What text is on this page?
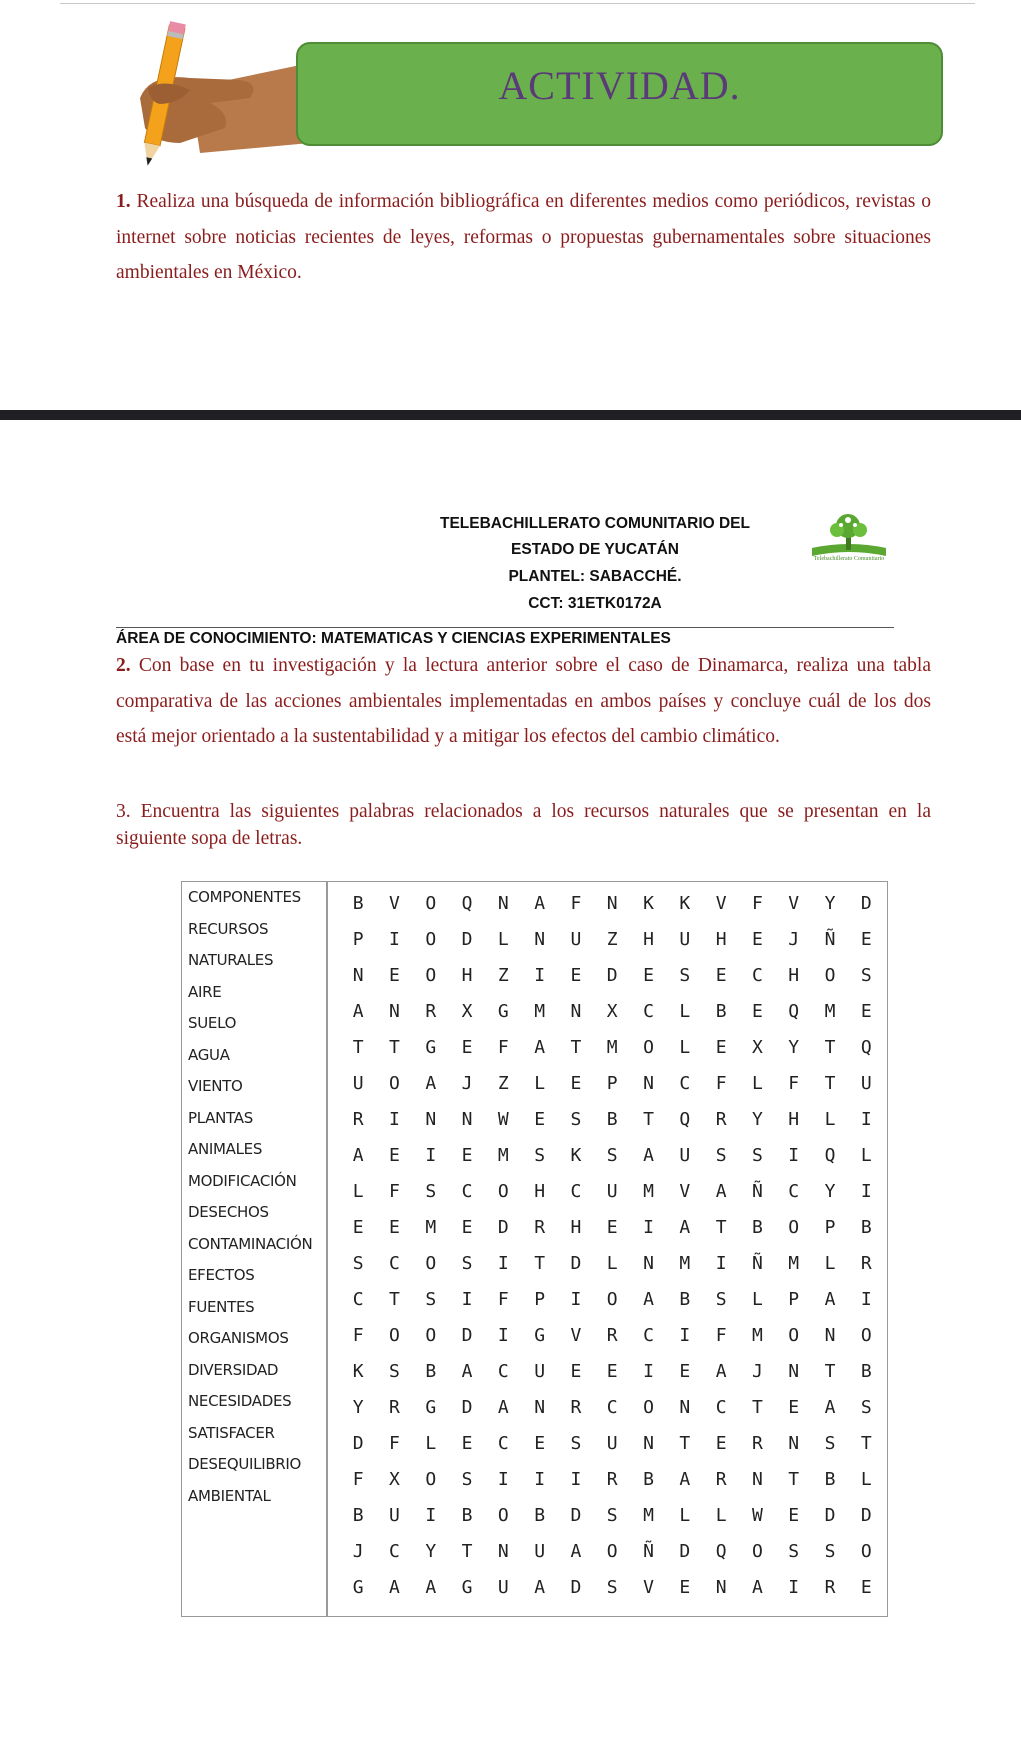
ACTIVIDAD.
1. Realiza una búsqueda de información bibliográfica en diferentes medios como periódicos, revistas o internet sobre noticias recientes de leyes, reformas o propuestas gubernamentales sobre situaciones ambientales en México.
TELEBACHILLERATO COMUNITARIO DEL
ESTADO DE YUCATÁN
PLANTEL: SABACCHÉ.
CCT: 31ETK0172A
Telebachillerato Comunitario
ÁREA DE CONOCIMIENTO: MATEMATICAS Y CIENCIAS EXPERIMENTALES
2. Con base en tu investigación y la lectura anterior sobre el caso de Dinamarca, realiza una tabla comparativa de las acciones ambientales implementadas en ambos países y concluye cuál de los dos está mejor orientado a la sustentabilidad y a mitigar los efectos del cambio climático.
3. Encuentra las siguientes palabras relacionados a los recursos naturales que se presentan en la siguiente sopa de letras.
COMPONENTES
RECURSOS
NATURALES
AIRE
SUELO
AGUA
VIENTO
PLANTAS
ANIMALES
MODIFICACIÓN
DESECHOS
CONTAMINACIÓN
EFECTOS
FUENTES
ORGANISMOS
DIVERSIDAD
NECESIDADES
SATISFACER
DESEQUILIBRIO
AMBIENTAL
B	V	O	Q	N	A	F	N	K	K	V	F	V	Y	D
P	I	O	D	L	N	U	Z	H	U	H	E	J	Ñ	E
N	E	O	H	Z	I	E	D	E	S	E	C	H	O	S
A	N	R	X	G	M	N	X	C	L	B	E	Q	M	E
T	T	G	E	F	A	T	M	O	L	E	X	Y	T	Q
U	O	A	J	Z	L	E	P	N	C	F	L	F	T	U
R	I	N	N	W	E	S	B	T	Q	R	Y	H	L	I
A	E	I	E	M	S	K	S	A	U	S	S	I	Q	L
L	F	S	C	O	H	C	U	M	V	A	Ñ	C	Y	I
E	E	M	E	D	R	H	E	I	A	T	B	O	P	B
S	C	O	S	I	T	D	L	N	M	I	Ñ	M	L	R
C	T	S	I	F	P	I	O	A	B	S	L	P	A	I
F	O	O	D	I	G	V	R	C	I	F	M	O	N	O
K	S	B	A	C	U	E	E	I	E	A	J	N	T	B
Y	R	G	D	A	N	R	C	O	N	C	T	E	A	S
D	F	L	E	C	E	S	U	N	T	E	R	N	S	T
F	X	O	S	I	I	I	R	B	A	R	N	T	B	L
B	U	I	B	O	B	D	S	M	L	L	W	E	D	D
J	C	Y	T	N	U	A	O	Ñ	D	Q	O	S	S	O
G	A	A	G	U	A	D	S	V	E	N	A	I	R	E
